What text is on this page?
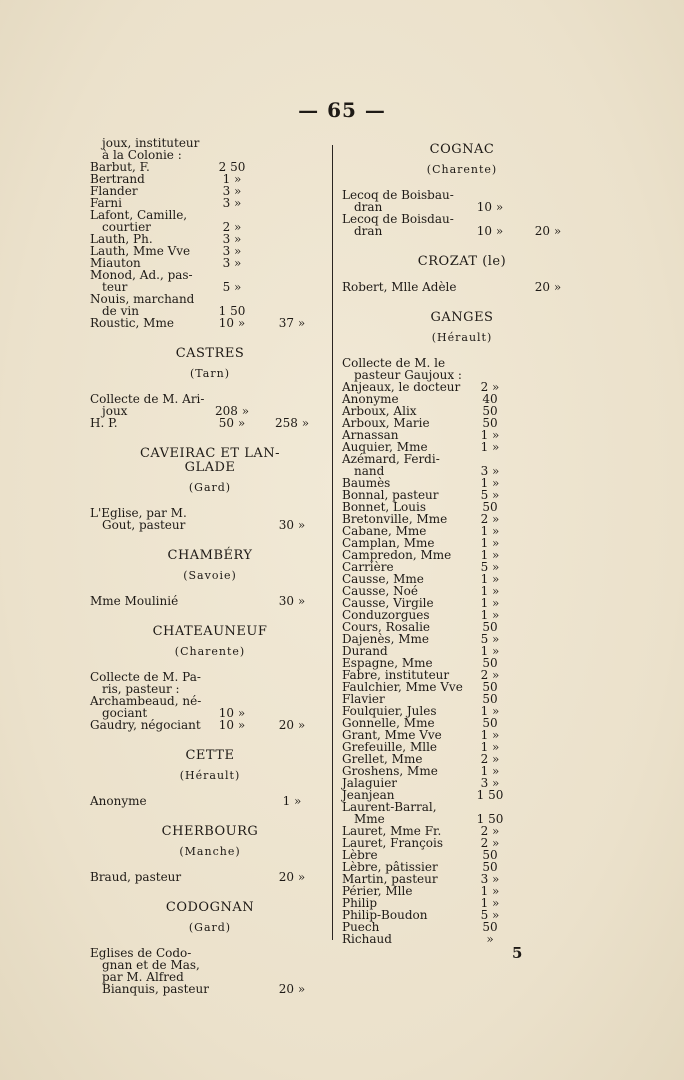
— 65 —
joux, instituteur
à la Colonie :
Barbut, F.	2 50
Bertrand	1 »
Flander	3 »
Farni	3 »
Lafont, Camille,
courtier	2 »
Lauth, Ph.	3 »
Lauth, Mme Vve	3 »
Miauton	3 »
Monod, Ad., pas-
teur	5 »
Nouis, marchand
de vin	1 50
Roustic, Mme	10 »	37 »
CASTRES
(Tarn)
Collecte de M. Ari-
joux	208 »
H. P.	50 »	258 »
CAVEIRAC ET LAN-
GLADE
(Gard)
L'Eglise, par M.
Gout, pasteur	30 »
CHAMBÉRY
(Savoie)
Mme Moulinié	30 »
CHATEAUNEUF
(Charente)
Collecte de M. Pa-
ris, pasteur :
Archambeaud, né-
gociant	10 »
Gaudry, négociant	10 »	20 »
CETTE
(Hérault)
Anonyme	1 »
CHERBOURG
(Manche)
Braud, pasteur	20 »
CODOGNAN
(Gard)
Eglises de Codo-
gnan et de Mas,
par M. Alfred
Bianquis, pasteur	20 »
COGNAC
(Charente)
Lecoq de Boisbau-
dran	10 »
Lecoq de Boisdau-
dran	10 »	20 »
CROZAT (le)
Robert, Mlle Adèle	20 »
GANGES
(Hérault)
Collecte de M. le
pasteur Gaujoux :
Anjeaux, le docteur	2 »
Anonyme	40
Arboux, Alix	50
Arboux, Marie	50
Arnassan	1 »
Auquier, Mme	1 »
Azémard, Ferdi-
nand	3 »
Baumès	1 »
Bonnal, pasteur	5 »
Bonnet, Louis	50
Bretonville, Mme	2 »
Cabane, Mme	1 »
Camplan, Mme	1 »
Campredon, Mme	1 »
Carrière	5 »
Causse, Mme	1 »
Causse, Noé	1 »
Causse, Virgile	1 »
Conduzorgues	1 »
Cours, Rosalie	50
Dajenès, Mme	5 »
Durand	1 »
Espagne, Mme	50
Fabre, instituteur	2 »
Faulchier, Mme Vve	50
Flavier	50
Foulquier, Jules	1 »
Gonnelle, Mme	50
Grant, Mme Vve	1 »
Grefeuille, Mlle	1 »
Grellet, Mme	2 »
Groshens, Mme	1 »
Jalaguier	3 »
Jeanjean	1 50
Laurent-Barral,
Mme	1 50
Lauret, Mme Fr.	2 »
Lauret, François	2 »
Lèbre	50
Lèbre, pâtissier	50
Martin, pasteur	3 »
Périer, Mlle	1 »
Philip	1 »
Philip-Boudon	5 »
Puech	50
Richaud	»
5
